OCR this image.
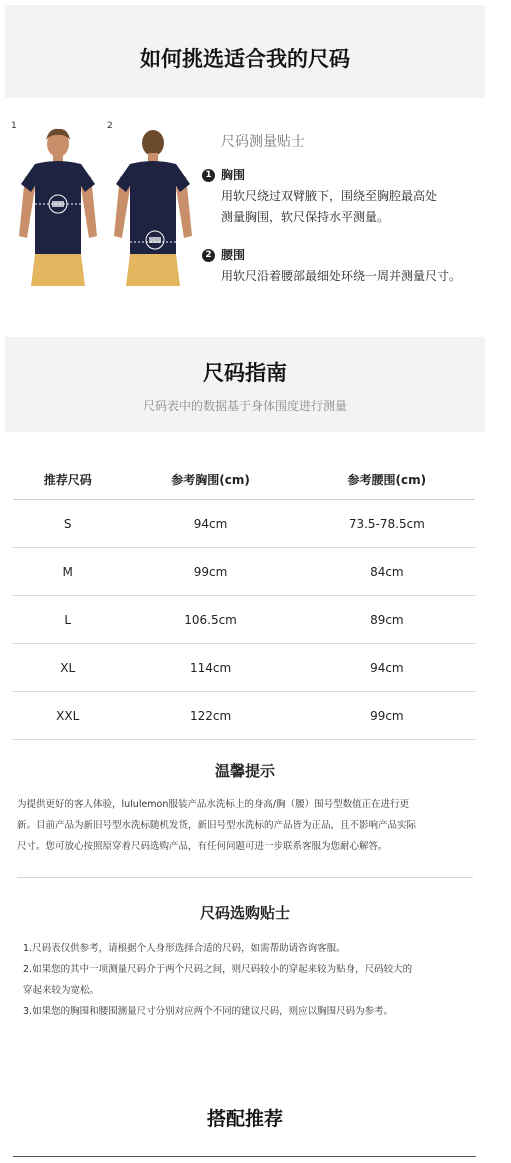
如何挑选适合我的尺码
1	2
尺码测量贴士
1 胸围
用软尺绕过双臂腋下，围绕至胸腔最高处
测量胸围，软尺保持水平测量。
2 腰围
用软尺沿着腰部最细处环绕一周并测量尺寸。
尺码指南
尺码表中的数据基于身体围度进行测量
推荐尺码	参考胸围(cm)	参考腰围(cm)
S	94cm	73.5-78.5cm
M	99cm	84cm
L	106.5cm	89cm
XL	114cm	94cm
XXL	122cm	99cm
温馨提示
为提供更好的客人体验，lululemon服装产品水洗标上的身高/胸（腰）围号型数值正在进行更
新。目前产品为新旧号型水洗标随机发货，新旧号型水洗标的产品皆为正品，且不影响产品实际
尺寸。您可放心按照原穿着尺码选购产品，有任何问题可进一步联系客服为您耐心解答。
尺码选购贴士
1.尺码表仅供参考，请根据个人身形选择合适的尺码，如需帮助请咨询客服。
2.如果您的其中一项测量尺码介于两个尺码之间，则尺码较小的穿起来较为贴身，尺码较大的
穿起来较为宽松。
3.如果您的胸围和腰围测量尺寸分别对应两个不同的建议尺码，则应以胸围尺码为参考。
搭配推荐
